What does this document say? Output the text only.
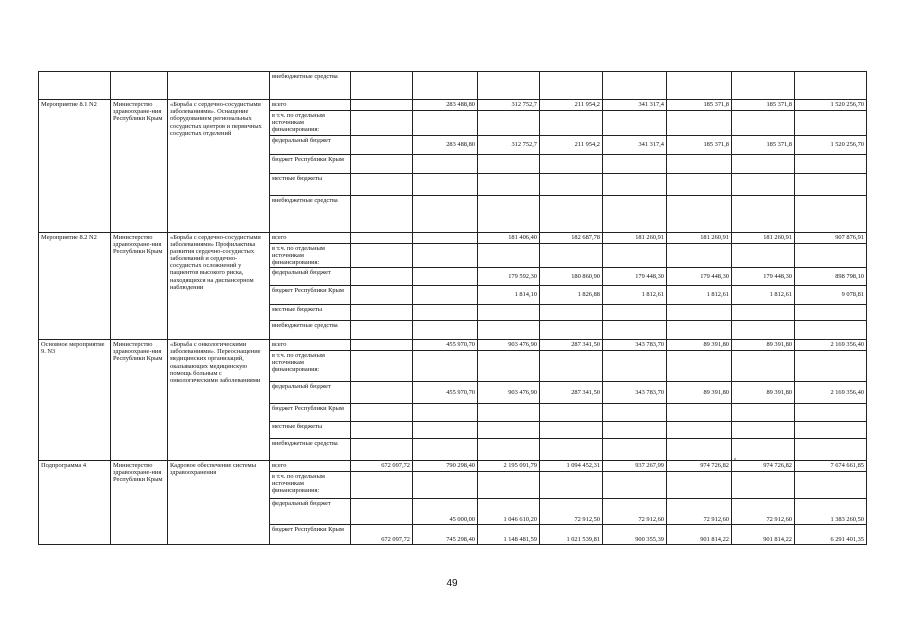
			внебюджетные средства								
Мероприятие 8.1 N2	Министерство здравоохране-ния Республики Крым	«Борьба с сердечно-сосудистыми заболеваниями». Оснащение оборудованием региональных сосудистых центров и первичных сосудистых отделений	всего		283 488,80	312 752,7	211 954,2	341 317,4	185 371,8	185 371,8	1 520 256,70
			в т.ч. по отдельным источникам финансирования:								
			федеральный бюджет		283 488,80	312 752,7	211 954,2	341 317,4	185 371,8	185 371,8	1 520 256,70
			бюджет Республики Крым								
			местные бюджеты								
			внебюджетные средства								
Мероприятие 8.2 N2	Министерство здравоохране-ния Республики Крым	«Борьба с сердечно-сосудистыми заболеваниями» Профилактика развития сердечно-сосудистых заболеваний и сердечно-сосудистых осложнений у пациентов высокого риска, находящихся на диспансерном наблюдении	всего			181 406,40	182 687,78	181 260,91	181 260,91	181 260,91	907 876,91
			в т.ч. по отдельным источникам финансирования:								
			федеральный бюджет			179 592,30	180 860,90	179 448,30	179 448,30	179 448,30	898 798,10
			бюджет Республики Крым			1 814,10	1 826,88	1 812,61	1 812,61	1 812,61	9 078,81
			местные бюджеты								
			внебюджетные средства								
Основное мероприятие 9. N3	Министерство здравоохране-ния Республики Крым	«Борьба с онкологическими заболеваниями». Переоснащение медицинских организаций, оказывающих медицинскую помощь больным с онкологическими заболеваниями	всего		455 970,70	903 476,90	287 341,50	343 783,70	89 391,80	89 391,80	2 169 356,40
			в т.ч. по отдельным источникам финансирования:								
			федеральный бюджет		455 970,70	903 476,90	287 341,50	343 783,70	89 391,80	89 391,80	2 169 356,40
			бюджет Республики Крым								
			местные бюджеты								
			внебюджетные средства								
Подпрограмма 4	Министерство здравоохране-ния Республики Крым	Кадровое обеспечение системы здравоохранения	всего	672 097,72	790 298,40	2 195 091,79	1 094 452,31	937 267,99	974 726,82	974 726,82	7 674 661,85
			в т.ч. по отдельным источникам финансирования:								
			федеральный бюджет		45 000,00	1 046 610,20	72 912,50	72 912,60	72 912,60	72 912,60	1 383 260,50
			бюджет Республики Крым	672 097,72	745 298,40	1 148 481,59	1 021 539,81	900 355,39	901 814,22	901 814,22	6 291 401,35
49
